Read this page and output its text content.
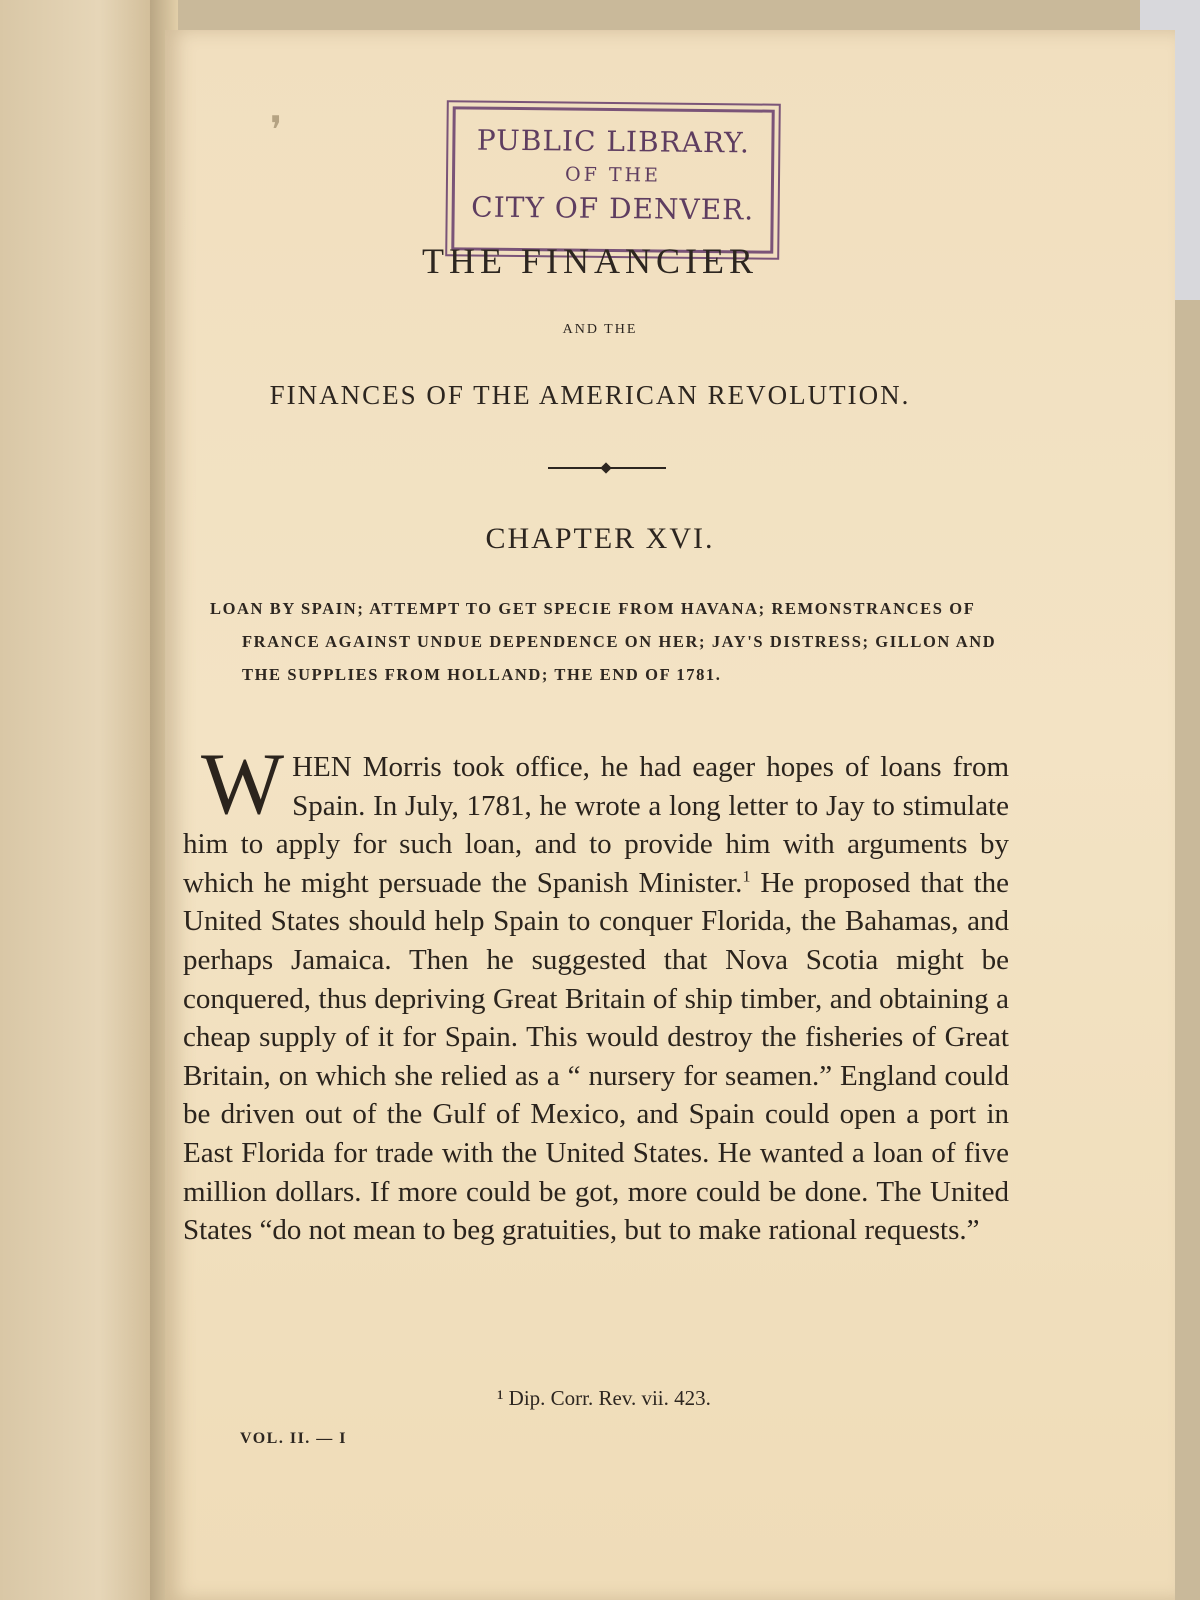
❜	PUBLIC LIBRARY.
OF THE
CITY OF DENVER.
THE FINANCIER
AND THE
FINANCES OF THE AMERICAN REVOLUTION.
CHAPTER XVI.
LOAN BY SPAIN; ATTEMPT TO GET SPECIE FROM HAVANA; REMONSTRANCES OF FRANCE AGAINST UNDUE DEPENDENCE ON HER; JAY'S DISTRESS; GILLON AND THE SUPPLIES FROM HOLLAND; THE END OF 1781.
WHEN Morris took office, he had eager hopes of loans from Spain. In July, 1781, he wrote a long letter to Jay to stimulate him to apply for such loan, and to provide him with arguments by which he might persuade the Spanish Minister.$^1$ He proposed that the United States should help Spain to conquer Florida, the Bahamas, and perhaps Jamaica. Then he suggested that Nova Scotia might be conquered, thus depriving Great Britain of ship timber, and obtaining a cheap supply of it for Spain. This would destroy the fisheries of Great Britain, on which she relied as a “ nursery for seamen.” England could be driven out of the Gulf of Mexico, and Spain could open a port in East Florida for trade with the United States. He wanted a loan of five million dollars. If more could be got, more could be done. The United States “do not mean to beg gratuities, but to make rational requests.”
¹ Dip. Corr. Rev. vii. 423.
VOL. II. — I
